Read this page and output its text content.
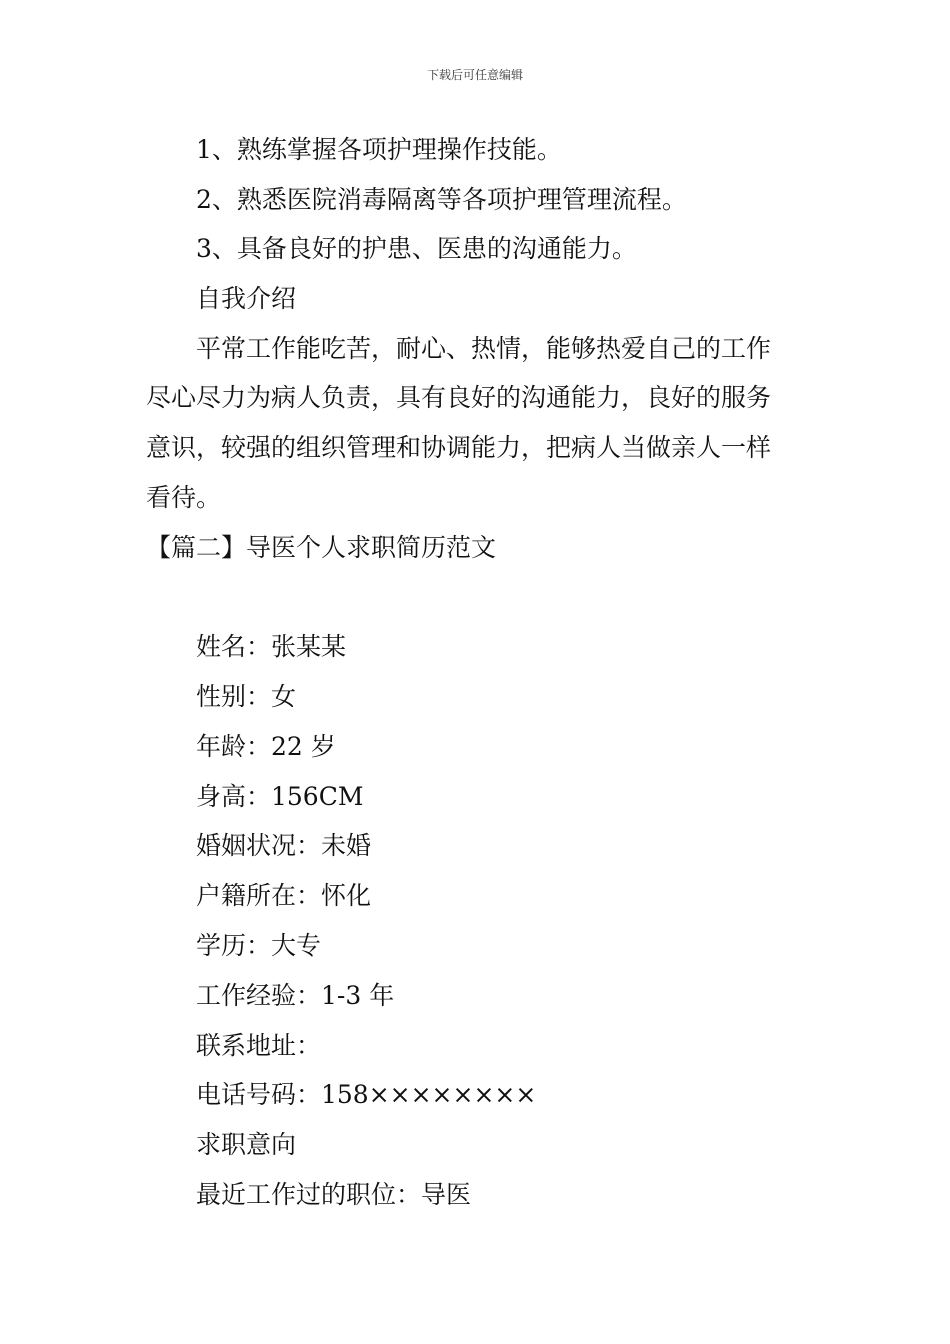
下载后可任意编辑
1、熟练掌握各项护理操作技能。
2、熟悉医院消毒隔离等各项护理管理流程。
3、具备良好的护患、医患的沟通能力。
自我介绍
平常工作能吃苦，耐心、热情，能够热爱自己的工作
尽心尽力为病人负责，具有良好的沟通能力，良好的服务
意识，较强的组织管理和协调能力，把病人当做亲人一样
看待。
【篇二】导医个人求职简历范文
姓名：张某某
性别：女
年龄：22 岁
身高：156CM
婚姻状况：未婚
户籍所在：怀化
学历：大专
工作经验：1-3 年
联系地址：
电话号码：158××××××××
求职意向
最近工作过的职位：导医
